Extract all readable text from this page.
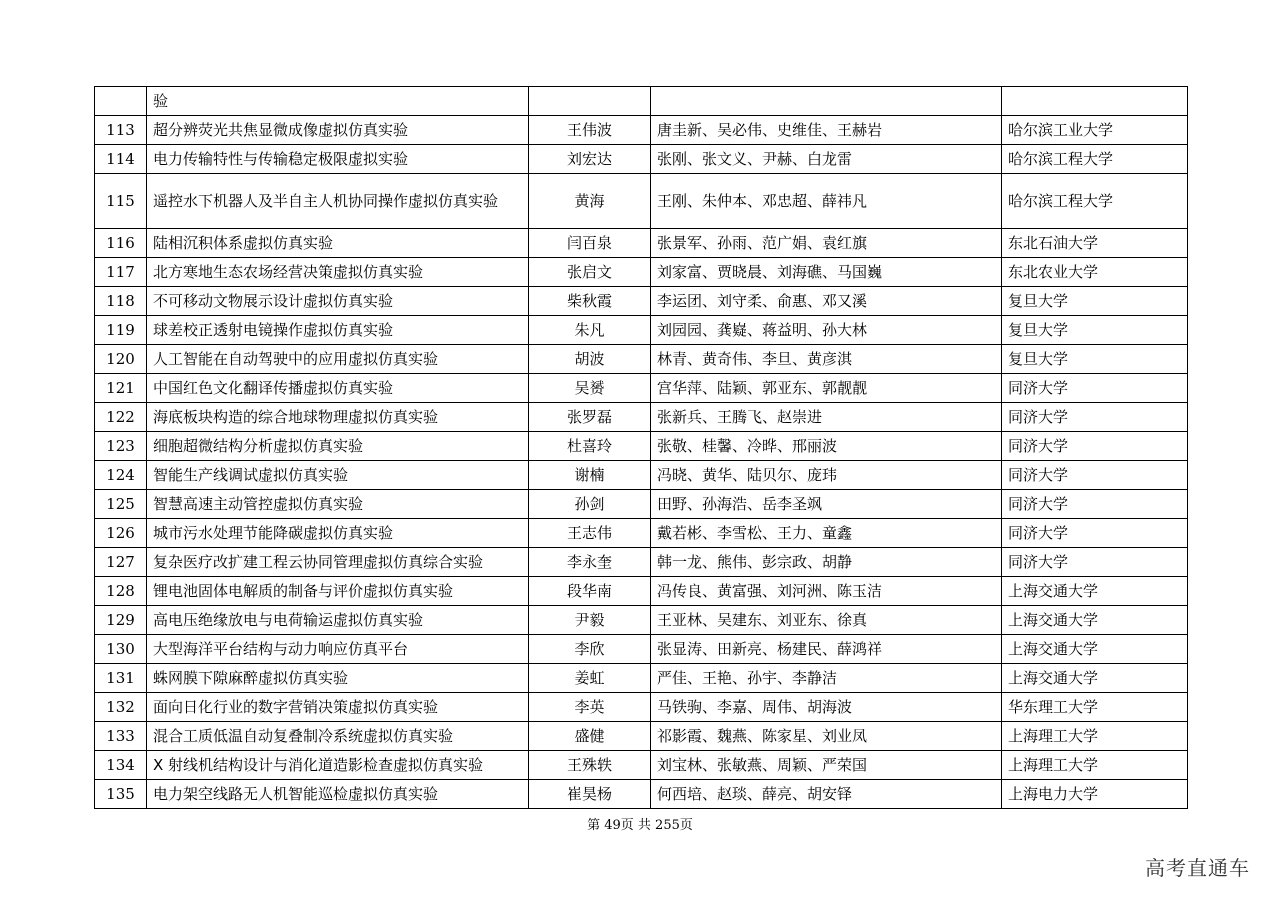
	验			
113	超分辨荧光共焦显微成像虚拟仿真实验	王伟波	唐圭新、吴必伟、史维佳、王赫岩	哈尔滨工业大学
114	电力传输特性与传输稳定极限虚拟实验	刘宏达	张刚、张文义、尹赫、白龙雷	哈尔滨工程大学
115	遥控水下机器人及半自主人机协同操作虚拟仿真实验	黄海	王刚、朱仲本、邓忠超、薛祎凡	哈尔滨工程大学
116	陆相沉积体系虚拟仿真实验	闫百泉	张景军、孙雨、范广娟、袁红旗	东北石油大学
117	北方寒地生态农场经营决策虚拟仿真实验	张启文	刘家富、贾晓晨、刘海礁、马国巍	东北农业大学
118	不可移动文物展示设计虚拟仿真实验	柴秋霞	李运团、刘守柔、俞惠、邓又溪	复旦大学
119	球差校正透射电镜操作虚拟仿真实验	朱凡	刘园园、龚嶷、蒋益明、孙大林	复旦大学
120	人工智能在自动驾驶中的应用虚拟仿真实验	胡波	林青、黄奇伟、李旦、黄彦淇	复旦大学
121	中国红色文化翻译传播虚拟仿真实验	吴赟	宫华萍、陆颖、郭亚东、郭靓靓	同济大学
122	海底板块构造的综合地球物理虚拟仿真实验	张罗磊	张新兵、王腾飞、赵崇进	同济大学
123	细胞超微结构分析虚拟仿真实验	杜喜玲	张敬、桂馨、冷晔、邢丽波	同济大学
124	智能生产线调试虚拟仿真实验	谢楠	冯晓、黄华、陆贝尔、庞玮	同济大学
125	智慧高速主动管控虚拟仿真实验	孙剑	田野、孙海浩、岳李圣飒	同济大学
126	城市污水处理节能降碳虚拟仿真实验	王志伟	戴若彬、李雪松、王力、童鑫	同济大学
127	复杂医疗改扩建工程云协同管理虚拟仿真综合实验	李永奎	韩一龙、熊伟、彭宗政、胡静	同济大学
128	锂电池固体电解质的制备与评价虚拟仿真实验	段华南	冯传良、黄富强、刘河洲、陈玉洁	上海交通大学
129	高电压绝缘放电与电荷输运虚拟仿真实验	尹毅	王亚林、吴建东、刘亚东、徐真	上海交通大学
130	大型海洋平台结构与动力响应仿真平台	李欣	张显涛、田新亮、杨建民、薛鸿祥	上海交通大学
131	蛛网膜下隙麻醉虚拟仿真实验	姜虹	严佳、王艳、孙宇、李静洁	上海交通大学
132	面向日化行业的数字营销决策虚拟仿真实验	李英	马铁驹、李嘉、周伟、胡海波	华东理工大学
133	混合工质低温自动复叠制冷系统虚拟仿真实验	盛健	祁影霞、魏燕、陈家星、刘业凤	上海理工大学
134	X 射线机结构设计与消化道造影检查虚拟仿真实验	王殊轶	刘宝林、张敏燕、周颖、严荣国	上海理工大学
135	电力架空线路无人机智能巡检虚拟仿真实验	崔昊杨	何西培、赵琰、薛亮、胡安铎	上海电力大学
第 49页 共 255页
高考直通车
